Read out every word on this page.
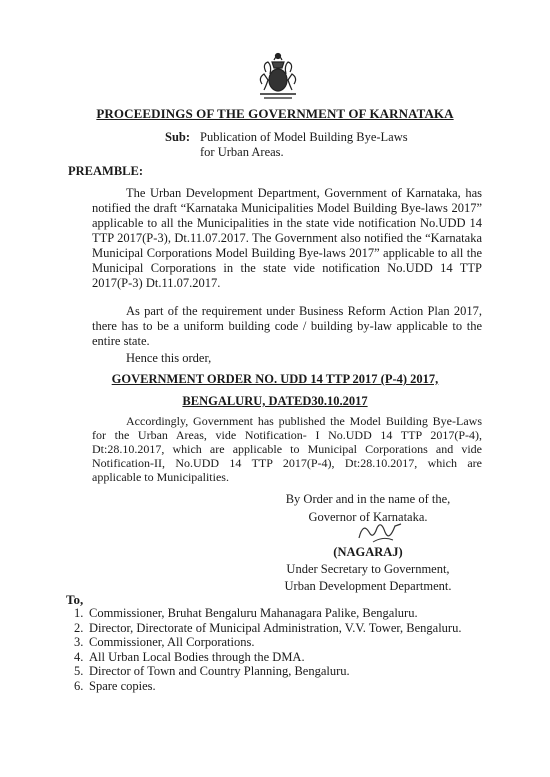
PROCEEDINGS OF THE GOVERNMENT OF KARNATAKA
Sub: Publication of Model Building Bye-Laws for Urban Areas.
PREAMBLE:
The Urban Development Department, Government of Karnataka, has notified the draft “Karnataka Municipalities Model Building Bye-laws 2017” applicable to all the Municipalities in the state vide notification No.UDD 14 TTP 2017(P-3), Dt.11.07.2017. The Government also notified the “Karnataka Municipal Corporations Model Building Bye-laws 2017” applicable to all the Municipal Corporations in the state vide notification No.UDD 14 TTP 2017(P-3) Dt.11.07.2017.
As part of the requirement under Business Reform Action Plan 2017, there has to be a uniform building code / building by-law applicable to the entire state.
Hence this order,
GOVERNMENT ORDER NO. UDD 14 TTP 2017 (P-4) 2017,
BENGALURU, DATED30.10.2017
Accordingly, Government has published the Model Building Bye-Laws for the Urban Areas, vide Notification- I No.UDD 14 TTP 2017(P-4), Dt:28.10.2017, which are applicable to Municipal Corporations and vide Notification-II, No.UDD 14 TTP 2017(P-4), Dt:28.10.2017, which are applicable to Municipalities.
By Order and in the name of the,
Governor of Karnataka.
(NAGARAJ)
Under Secretary to Government,
Urban Development Department.
To,
1. Commissioner, Bruhat Bengaluru Mahanagara Palike, Bengaluru.
2. Director, Directorate of Municipal Administration, V.V. Tower, Bengaluru.
3. Commissioner, All Corporations.
4. All Urban Local Bodies through the DMA.
5. Director of Town and Country Planning, Bengaluru.
6. Spare copies.
